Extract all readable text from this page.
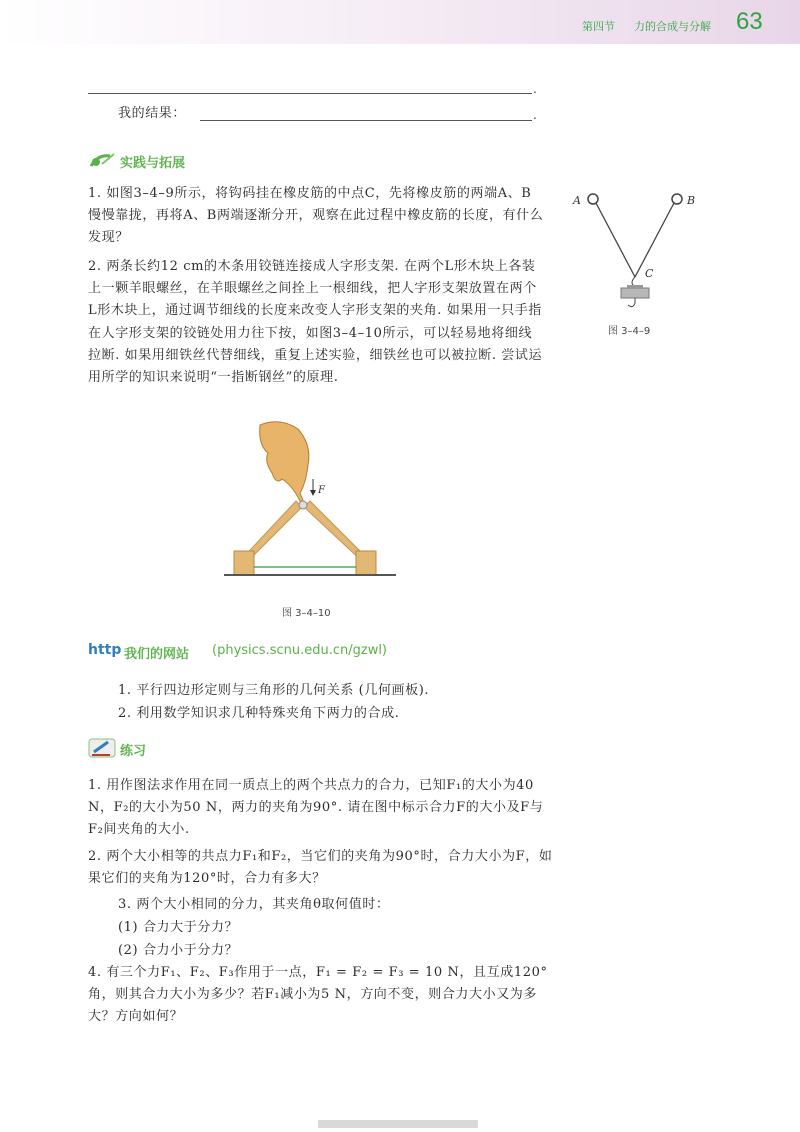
第四节 力的合成与分解 63
.
我的结果：	.
实践与拓展

1. 如图3–4–9所示，将钩码挂在橡皮筋的中点C，先将橡皮筋的两端A、B慢慢靠拢，再将A、B两端逐渐分开，观察在此过程中橡皮筋的长度，有什么发现？

2. 两条长约12 cm的木条用铰链连接成人字形支架. 在两个L形木块上各装上一颗羊眼螺丝，在羊眼螺丝之间拴上一根细线，把人字形支架放置在两个L形木块上，通过调节细线的长度来改变人字形支架的夹角. 如果用一只手指在人字形支架的铰链处用力往下按，如图3–4–10所示，可以轻易地将细线拉断. 如果用细铁丝代替细线，重复上述实验，细铁丝也可以被拉断. 尝试运用所学的知识来说明“一指断钢丝”的原理.

A	B
C
图 3–4–9
F
图 3–4–10
http 我们的网站 (physics.scnu.edu.cn/gzwl)
1. 平行四边形定则与三角形的几何关系 (几何画板).
2. 利用数学知识求几种特殊夹角下两力的合成.
练习

1. 用作图法求作用在同一质点上的两个共点力的合力，已知F₁的大小为40 N，F₂的大小为50 N，两力的夹角为90°. 请在图中标示合力F的大小及F与F₂间夹角的大小.

2. 两个大小相等的共点力F₁和F₂，当它们的夹角为90°时，合力大小为F，如果它们的夹角为120°时，合力有多大？

3. 两个大小相同的分力，其夹角θ取何值时：
(1) 合力大于分力？
(2) 合力小于分力？

4. 有三个力F₁、F₂、F₃作用于一点，F₁ = F₂ = F₃ = 10 N，且互成120°角，则其合力大小为多少？若F₁减小为5 N，方向不变，则合力大小又为多大？方向如何？
